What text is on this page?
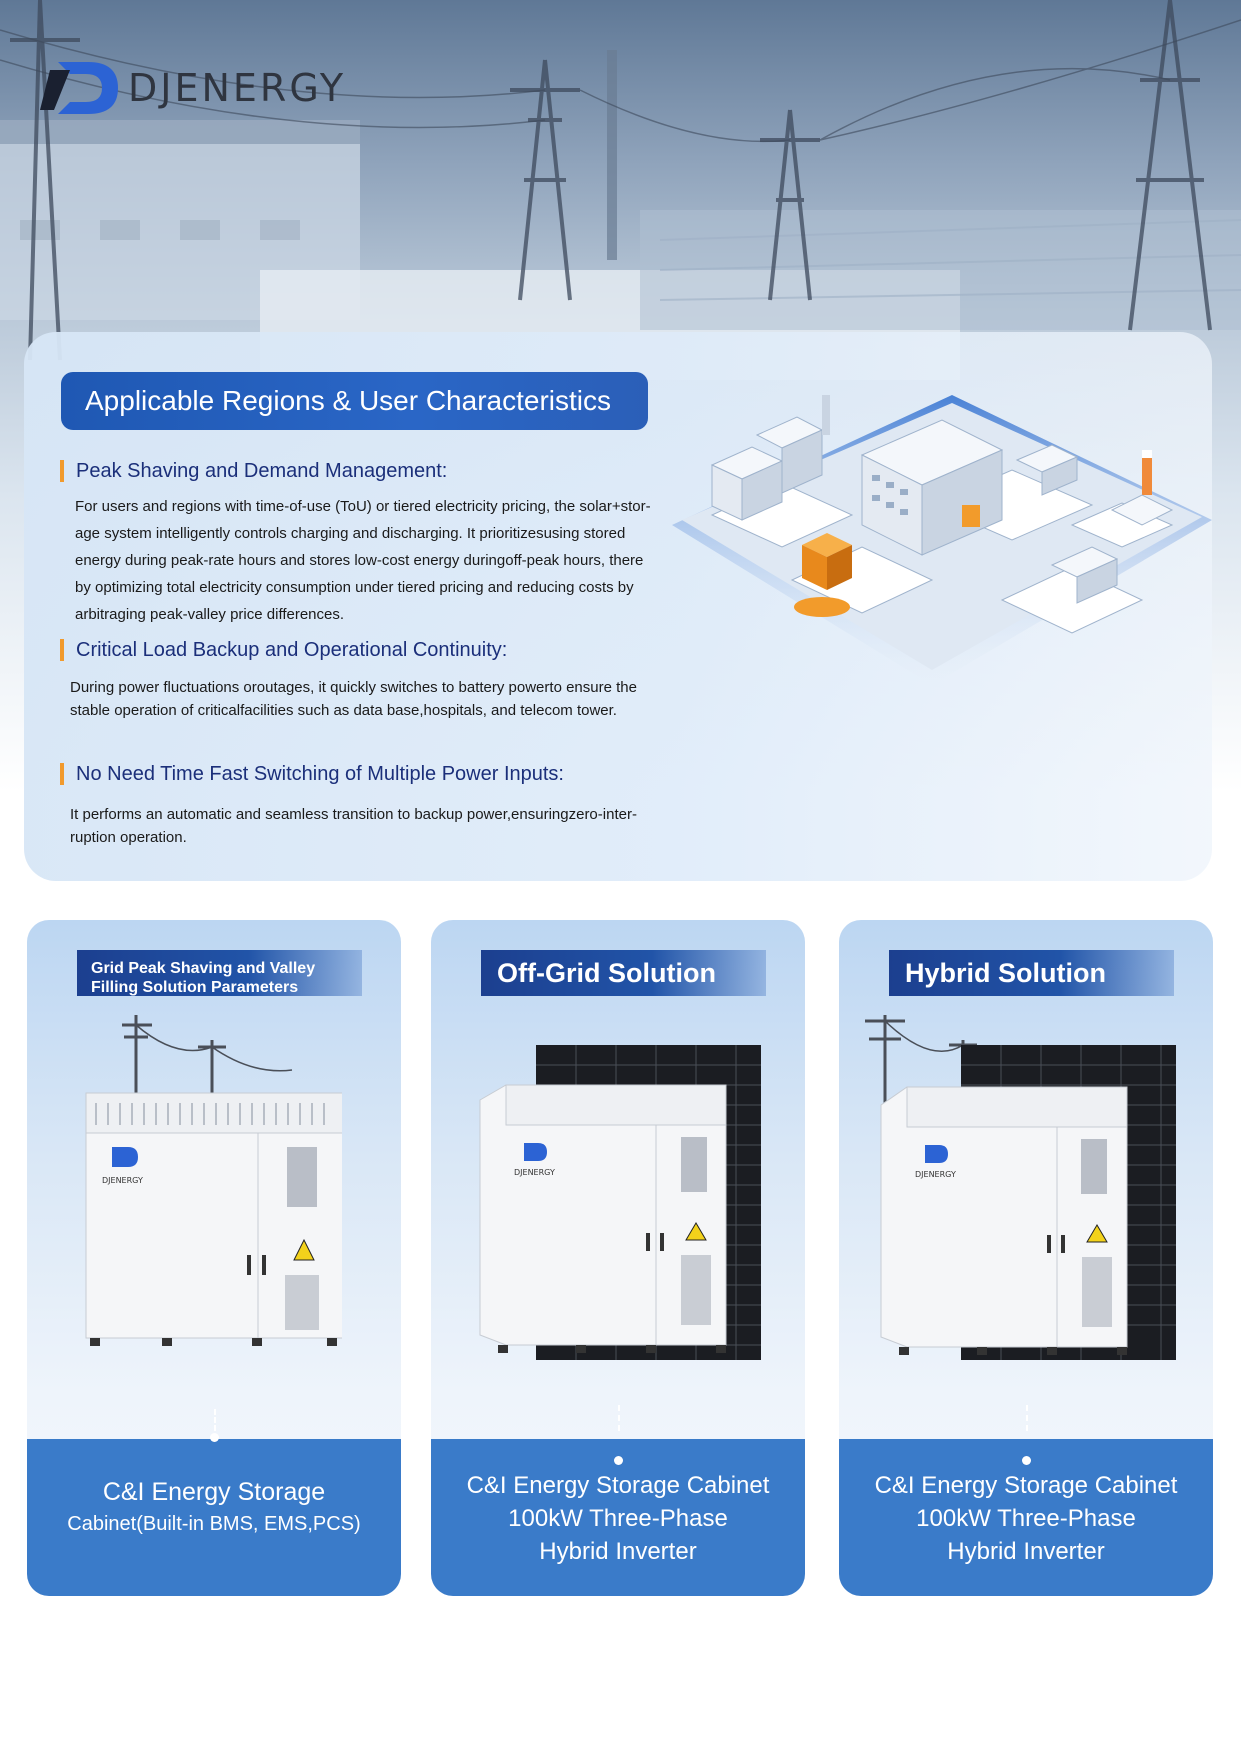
DJENERGY
Applicable Regions & User Characteristics
Peak Shaving and Demand Management:
For users and regions with time-of-use (ToU) or tiered electricity pricing, the solar+stor-
age system intelligently controls charging and discharging. It prioritizesusing stored
energy during peak-rate hours and stores low-cost energy duringoff-peak hours, there
by optimizing total electricity consumption under tiered pricing and reducing costs by
arbitraging peak-valley price differences.
Critical Load Backup and Operational Continuity:
During power fluctuations oroutages, it quickly switches to battery powerto ensure the
stable operation of criticalfacilities such as data base,hospitals, and telecom tower.
No Need Time Fast Switching of Multiple Power Inputs:
It performs an automatic and seamless transition to backup power,ensuringzero-inter-
ruption operation.
Grid Peak Shaving and Valley
Filling Solution Parameters
DJENERGY
C&I Energy Storage
Cabinet(Built-in BMS, EMS,PCS)
Off-Grid Solution
DJENERGY
C&I Energy Storage Cabinet
100kW Three-Phase
Hybrid Inverter
Hybrid Solution
DJENERGY
C&I Energy Storage Cabinet
100kW Three-Phase
Hybrid Inverter
